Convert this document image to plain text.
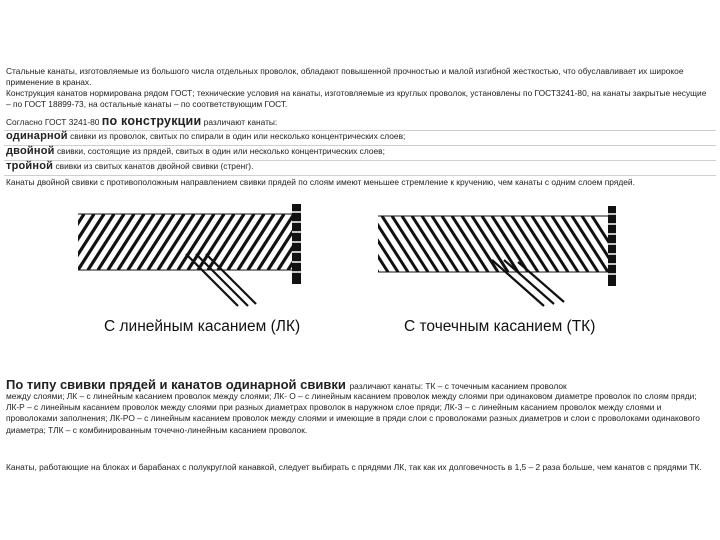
Стальные канаты, изготовляемые из большого числа отдельных проволок, обладают повышенной прочностью и малой изгибной жесткостью, что обуславливает их широкое применение в кранах.
Конструкция канатов нормирована рядом ГОСТ; технические условия на канаты, изготовляемые из круглых проволок, установлены по ГОСТ3241-80, на канаты закрытые несущие – по ГОСТ 18899-73, на остальные канаты – по соответствующим ГОСТ.
Согласно ГОСТ 3241-80 по конструкции различают канаты:
одинарной свивки из проволок, свитых по спирали в один или несколько концентрических слоев;
двойной свивки, состоящие из прядей, свитых в один или несколько концентрических слоев;
тройной свивки из свитых канатов двойной свивки (стренг).
Канаты двойной свивки с противоположным направлением свивки прядей по слоям имеют меньшее стремление к кручению, чем канаты с одним слоем прядей.
С линейным касанием (ЛК)	С точечным касанием (ТК)
По типу свивки прядей и канатов одинарной свивки различают канаты: ТК – с точечным касанием проволок
между слоями; ЛК – с линейным касанием проволок между слоями; ЛК- О – с линейным касанием проволок между слоями при одинаковом диаметре проволок по слоям пряди; ЛК-Р – с линейным касанием проволок между слоями при разных диаметрах проволок в наружном слое пряди; ЛК-З – с линейным касанием проволок между слоями и проволоками заполнения; ЛК-РО – с линейным касанием проволок между слоями и имеющие в пряди слои с проволоками разных диаметров и слои с проволоками одинакового диаметра; ТЛК – с комбинированным точечно-линейным касанием проволок.
Канаты, работающие на блоках и барабанах с полукруглой канавкой, следует выбирать с прядями ЛК, так как их долговечность в 1,5 – 2 раза больше, чем канатов с прядями ТК.
